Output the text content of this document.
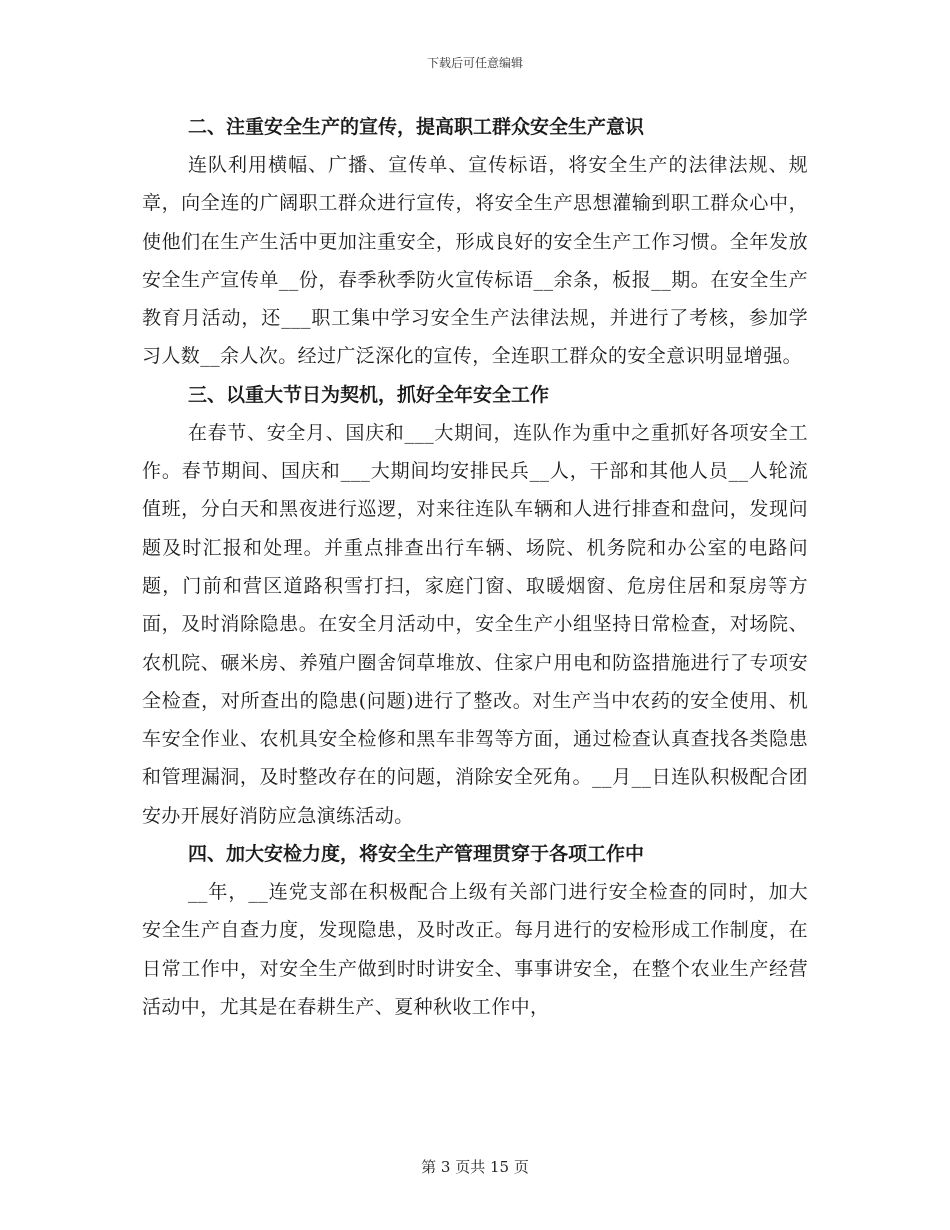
下载后可任意编辑
二、注重安全生产的宣传，提高职工群众安全生产意识

连队利用横幅、广播、宣传单、宣传标语，将安全生产的法律法规、规章，向全连的广阔职工群众进行宣传，将安全生产思想灌输到职工群众心中，使他们在生产生活中更加注重安全，形成良好的安全生产工作习惯。全年发放安全生产宣传单__份，春季秋季防火宣传标语__余条，板报__期。在安全生产教育月活动，还___职工集中学习安全生产法律法规，并进行了考核，参加学习人数__余人次。经过广泛深化的宣传，全连职工群众的安全意识明显增强。

三、以重大节日为契机，抓好全年安全工作

在春节、安全月、国庆和___大期间，连队作为重中之重抓好各项安全工作。春节期间、国庆和___大期间均安排民兵__人，干部和其他人员__人轮流值班，分白天和黑夜进行巡逻，对来往连队车辆和人进行排查和盘问，发现问题及时汇报和处理。并重点排查出行车辆、场院、机务院和办公室的电路问题，门前和营区道路积雪打扫，家庭门窗、取暖烟窗、危房住居和泵房等方面，及时消除隐患。在安全月活动中，安全生产小组坚持日常检查，对场院、农机院、碾米房、养殖户圈舍饲草堆放、住家户用电和防盗措施进行了专项安全检查，对所查出的隐患(问题)进行了整改。对生产当中农药的安全使用、机车安全作业、农机具安全检修和黑车非驾等方面，通过检查认真查找各类隐患和管理漏洞，及时整改存在的问题，消除安全死角。__月__日连队积极配合团安办开展好消防应急演练活动。

四、加大安检力度，将安全生产管理贯穿于各项工作中

__年，__连党支部在积极配合上级有关部门进行安全检查的同时，加大安全生产自查力度，发现隐患，及时改正。每月进行的安检形成工作制度，在日常工作中，对安全生产做到时时讲安全、事事讲安全，在整个农业生产经营活动中，尤其是在春耕生产、夏种秋收工作中，

第 3 页共 15 页
